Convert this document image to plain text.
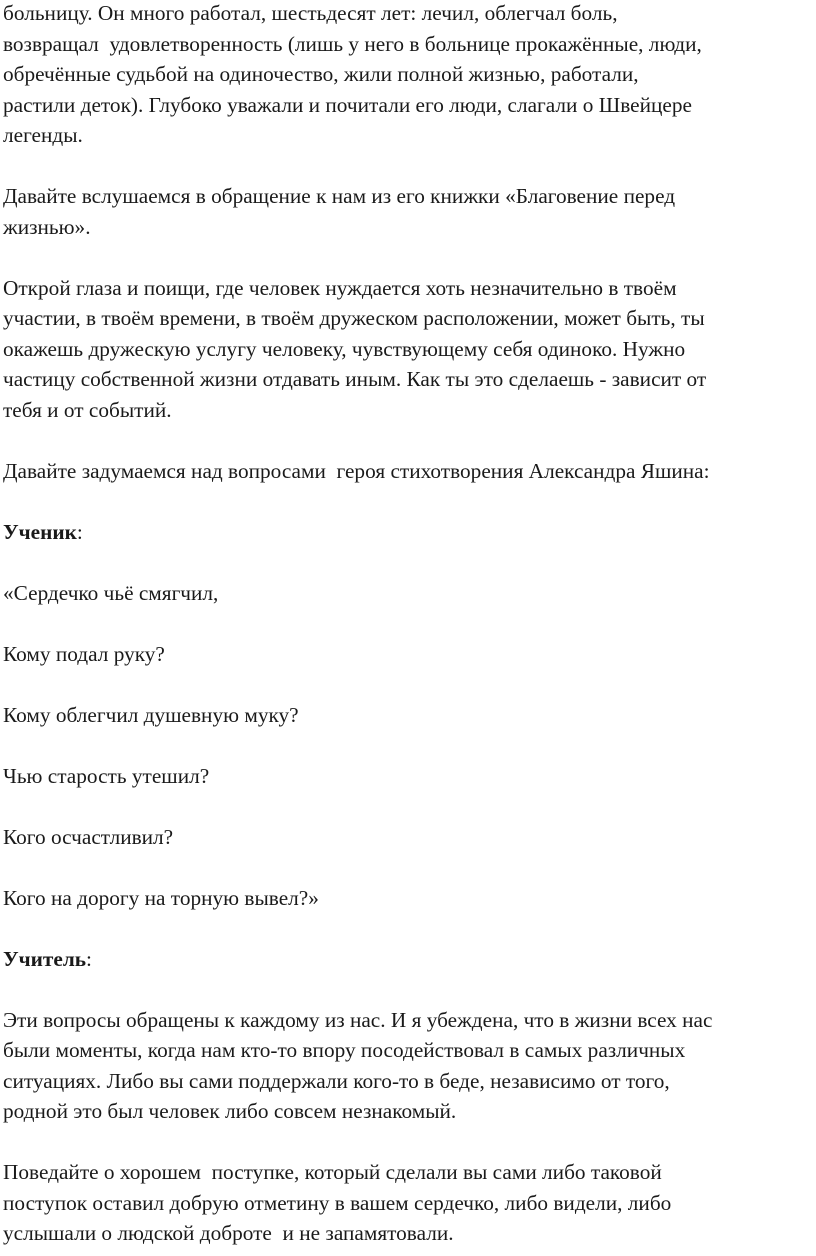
больницу. Он много работал, шестьдесят лет: лечил, облегчал боль,
возвращал  удовлетворенность (лишь у него в больнице прокажённые, люди,
обречённые судьбой на одиночество, жили полной жизнью, работали,
растили деток). Глубоко уважали и почитали его люди, слагали о Швейцере
легенды.
Давайте вслушаемся в обращение к нам из его книжки «Благовение перед
жизнью».
Открой глаза и поищи, где человек нуждается хоть незначительно в твоём
участии, в твоём времени, в твоём дружеском расположении, может быть, ты
окажешь дружескую услугу человеку, чувствующему себя одиноко. Нужно
частицу собственной жизни отдавать иным. Как ты это сделаешь - зависит от
тебя и от событий.
Давайте задумаемся над вопросами  героя стихотворения Александра Яшина:
Ученик:
«Сердечко чьё смягчил,
Кому подал руку?
Кому облегчил душевную муку?
Чью старость утешил?
Кого осчастливил?
Кого на дорогу на торную вывел?»
Учитель:
Эти вопросы обращены к каждому из нас. И я убеждена, что в жизни всех нас
были моменты, когда нам кто-то впору посодействовал в самых различных
ситуациях. Либо вы сами поддержали кого-то в беде, независимо от того,
родной это был человек либо совсем незнакомый.
Поведайте о хорошем  поступке, который сделали вы сами либо таковой
поступок оставил добрую отметину в вашем сердечко, либо видели, либо
услышали о людской доброте  и не запамятовали.
